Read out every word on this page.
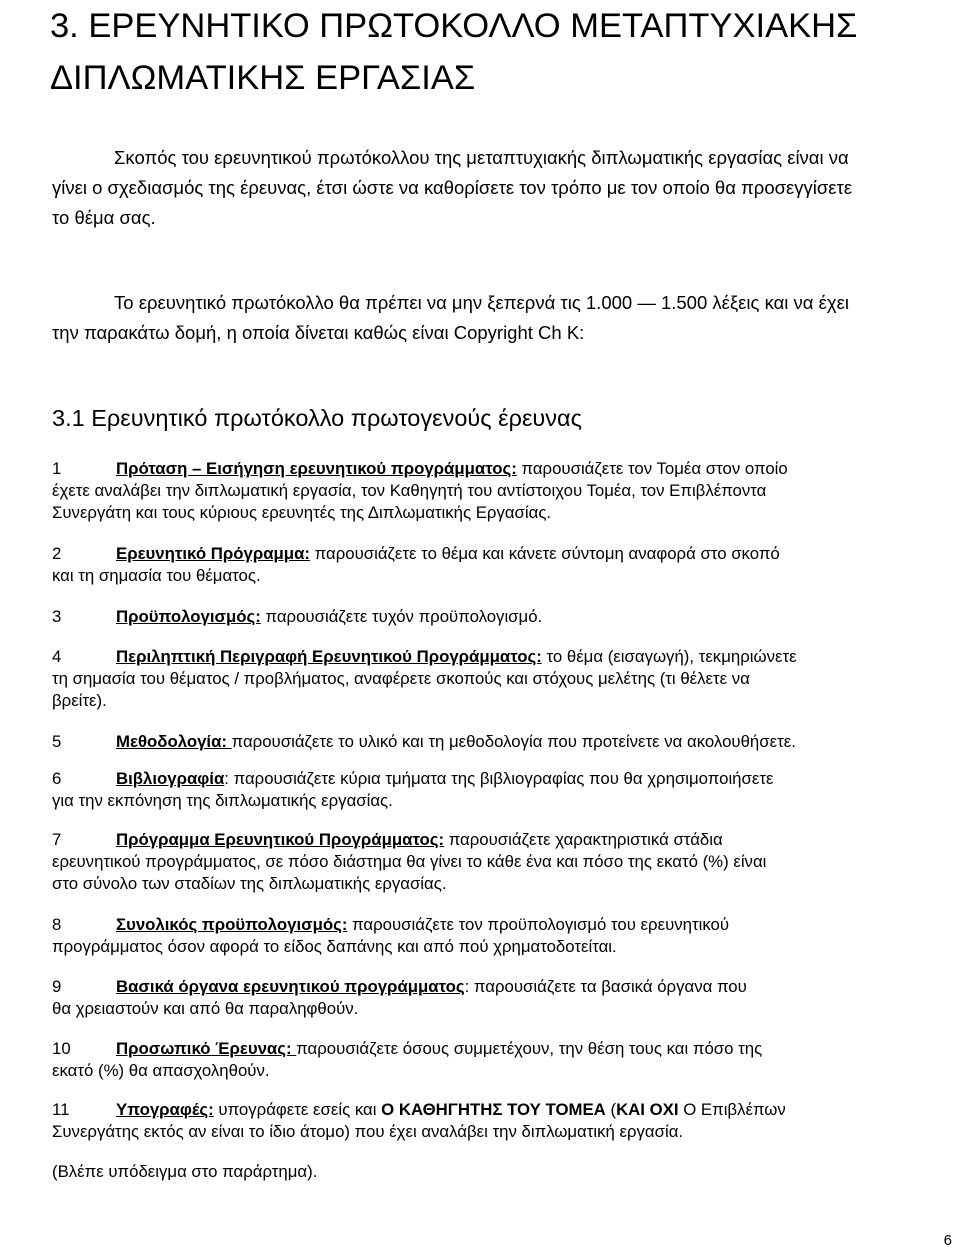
3. ΕΡΕΥΝΗΤΙΚΟ ΠΡΩΤΟΚΟΛΛΟ ΜΕΤΑΠΤΥΧΙΑΚΗΣ
ΔΙΠΛΩΜΑΤΙΚΗΣ ΕΡΓΑΣΙΑΣ

Σκοπός του ερευνητικού πρωτόκολλου της μεταπτυχιακής διπλωματικής εργασίας είναι να
γίνει ο σχεδιασμός της έρευνας, έτσι ώστε να καθορίσετε τον τρόπο με τον οποίο θα προσεγγίσετε
το θέμα σας.

Το ερευνητικό πρωτόκολλο θα πρέπει να μην ξεπερνά τις 1.000 — 1.500 λέξεις και να έχει
την παρακάτω δομή, η οποία δίνεται καθώς είναι Copyright Ch K:

3.1 Ερευνητικό πρωτόκολλο πρωτογενούς έρευνας

1	Πρόταση – Εισήγηση ερευνητικού προγράμματος: παρουσιάζετε τον Τομέα στον οποίο
έχετε αναλάβει την διπλωματική εργασία, τον Καθηγητή του αντίστοιχου Τομέα, τον Επιβλέποντα
Συνεργάτη και τους κύριους ερευνητές της Διπλωματικής Εργασίας.

2	Ερευνητικό Πρόγραμμα: παρουσιάζετε το θέμα και κάνετε σύντομη αναφορά στο σκοπό
και τη σημασία του θέματος.

3	Προϋπολογισμός: παρουσιάζετε τυχόν προϋπολογισμό.

4	Περιληπτική Περιγραφή Ερευνητικού Προγράμματος: το θέμα (εισαγωγή), τεκμηριώνετε
τη σημασία του θέματος / προβλήματος, αναφέρετε σκοπούς και στόχους μελέτης (τι θέλετε να
βρείτε).

5	Μεθοδολογία: παρουσιάζετε το υλικό και τη μεθοδολογία που προτείνετε να ακολουθήσετε.

6	Βιβλιογραφία: παρουσιάζετε κύρια τμήματα της βιβλιογραφίας που θα χρησιμοποιήσετε
για την εκπόνηση της διπλωματικής εργασίας.

7	Πρόγραμμα Ερευνητικού Προγράμματος: παρουσιάζετε χαρακτηριστικά στάδια
ερευνητικού προγράμματος, σε πόσο διάστημα θα γίνει το κάθε ένα και πόσο της εκατό (%) είναι
στο σύνολο των σταδίων της διπλωματικής εργασίας.

8	Συνολικός προϋπολογισμός: παρουσιάζετε τον προϋπολογισμό του ερευνητικού
προγράμματος όσον αφορά το είδος δαπάνης και από πού χρηματοδοτείται.

9	Βασικά όργανα ερευνητικού προγράμματος: παρουσιάζετε τα βασικά όργανα που
θα χρειαστούν και από θα παραληφθούν.

10	Προσωπικό Έρευνας: παρουσιάζετε όσους συμμετέχουν, την θέση τους και πόσο της
εκατό (%) θα απασχοληθούν.

11	Υπογραφές: υπογράφετε εσείς και Ο ΚΑΘΗΓΗΤΗΣ ΤΟΥ ΤΟΜΕΑ (ΚΑΙ ΟΧΙ Ο Επιβλέπων
Συνεργάτης εκτός αν είναι το ίδιο άτομο) που έχει αναλάβει την διπλωματική εργασία.

(Βλέπε υπόδειγμα στο παράρτημα).

6
